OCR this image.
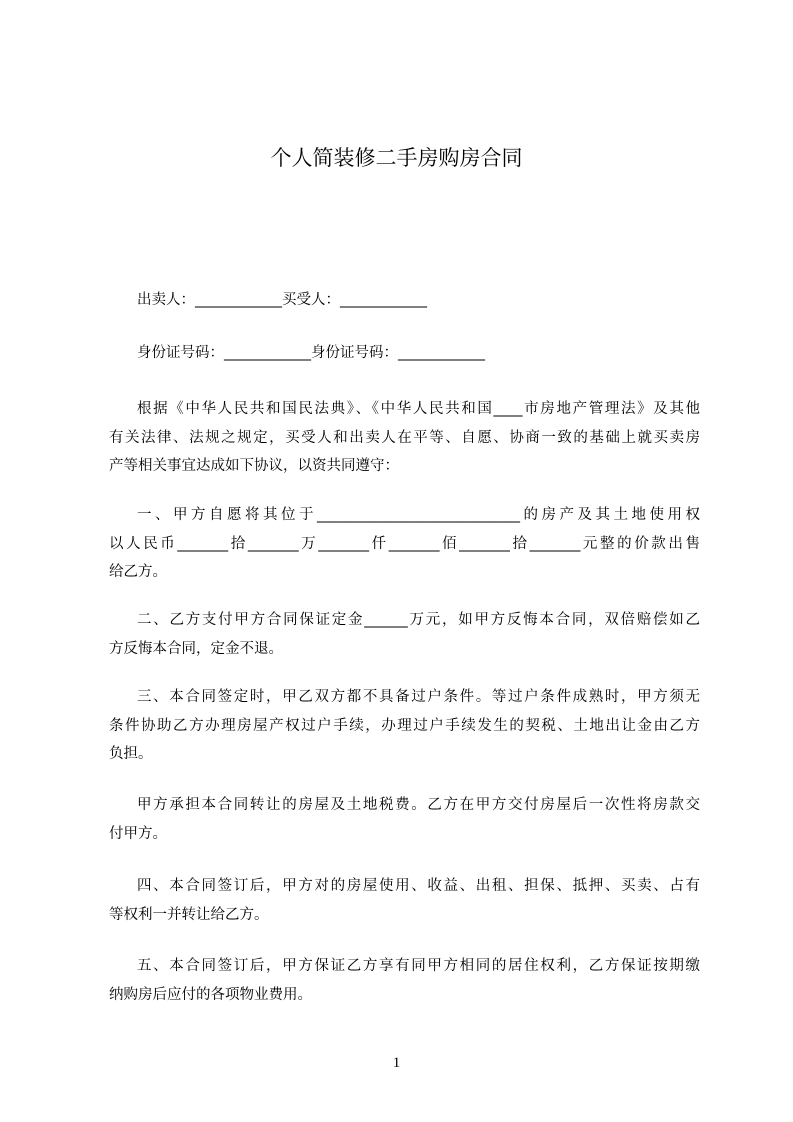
个人简装修二手房购房合同
出卖人：____________买受人：____________
身份证号码：____________身份证号码：____________
根据《中华人民共和国民法典》、《中华人民共和国____市房地产管理法》及其他
有关法律、法规之规定，买受人和出卖人在平等、自愿、协商一致的基础上就买卖房
产等相关事宜达成如下协议，以资共同遵守：
一、甲方自愿将其位于____________________________的房产及其土地使用权
以人民币_______拾_______万_______仟_______佰_______拾_______元整的价款出售
给乙方。
二、乙方支付甲方合同保证定金______万元，如甲方反悔本合同，双倍赔偿如乙
方反悔本合同，定金不退。
三、本合同签定时，甲乙双方都不具备过户条件。等过户条件成熟时，甲方须无
条件协助乙方办理房屋产权过户手续，办理过户手续发生的契税、土地出让金由乙方
负担。
甲方承担本合同转让的房屋及土地税费。乙方在甲方交付房屋后一次性将房款交
付甲方。
四、本合同签订后，甲方对的房屋使用、收益、出租、担保、抵押、买卖、占有
等权利一并转让给乙方。
五、本合同签订后，甲方保证乙方享有同甲方相同的居住权利，乙方保证按期缴
纳购房后应付的各项物业费用。
1
